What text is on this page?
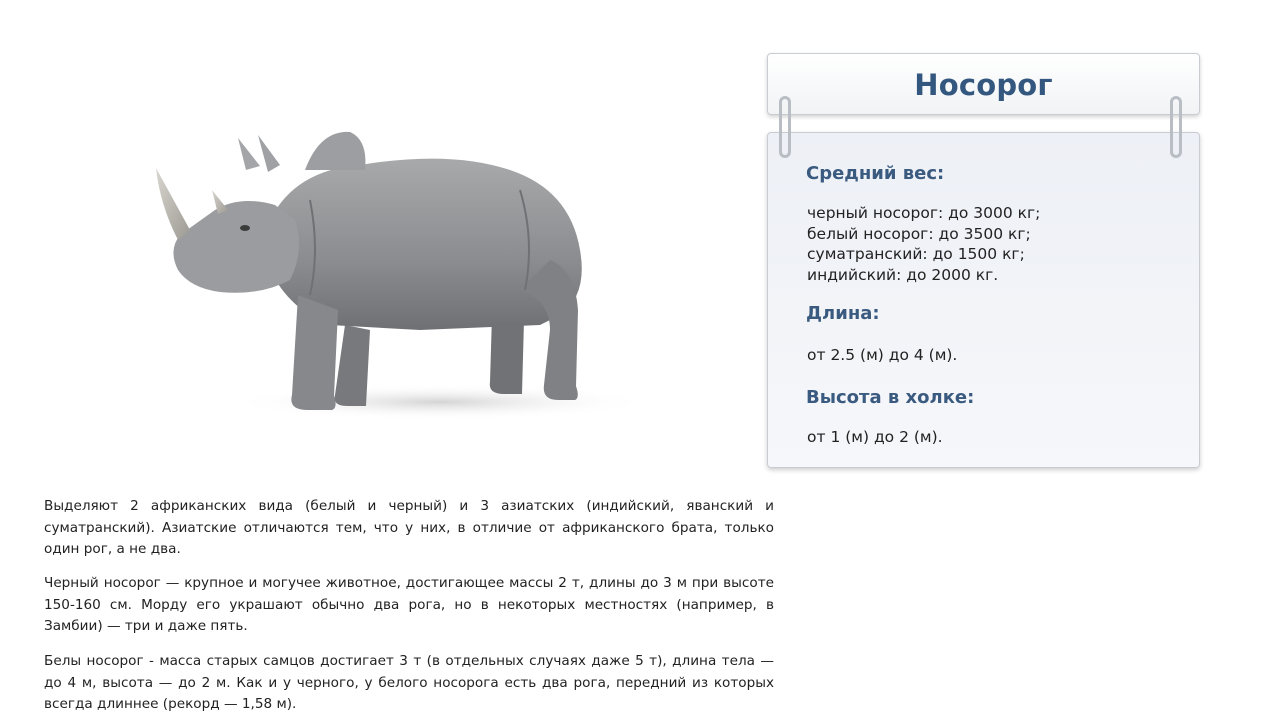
Носорог
Средний вес:
черный носорог: до 3000 кг;
белый носорог: до 3500 кг;
суматранский: до 1500 кг;
индийский: до 2000 кг.
Длина:
от 2.5 (м) до 4 (м).
Высота в холке:
от 1 (м) до 2 (м).

Выделяют 2 африканских вида (белый и черный) и 3 азиатских (индийский, яванский и суматранский). Азиатские отличаются тем, что у них, в отличие от африканского брата, только один рог, а не два.

Черный носорог — крупное и могучее животное, достигающее массы 2 т, длины до 3 м при высоте 150-160 см. Морду его украшают обычно два рога, но в некоторых местностях (например, в Замбии) — три и даже пять.

Белы носорог - масса старых самцов достигает 3 т (в отдельных случаях даже 5 т), длина тела — до 4 м, высота — до 2 м. Как и у черного, у белого носорога есть два рога, передний из которых всегда длиннее (рекорд — 1,58 м).
